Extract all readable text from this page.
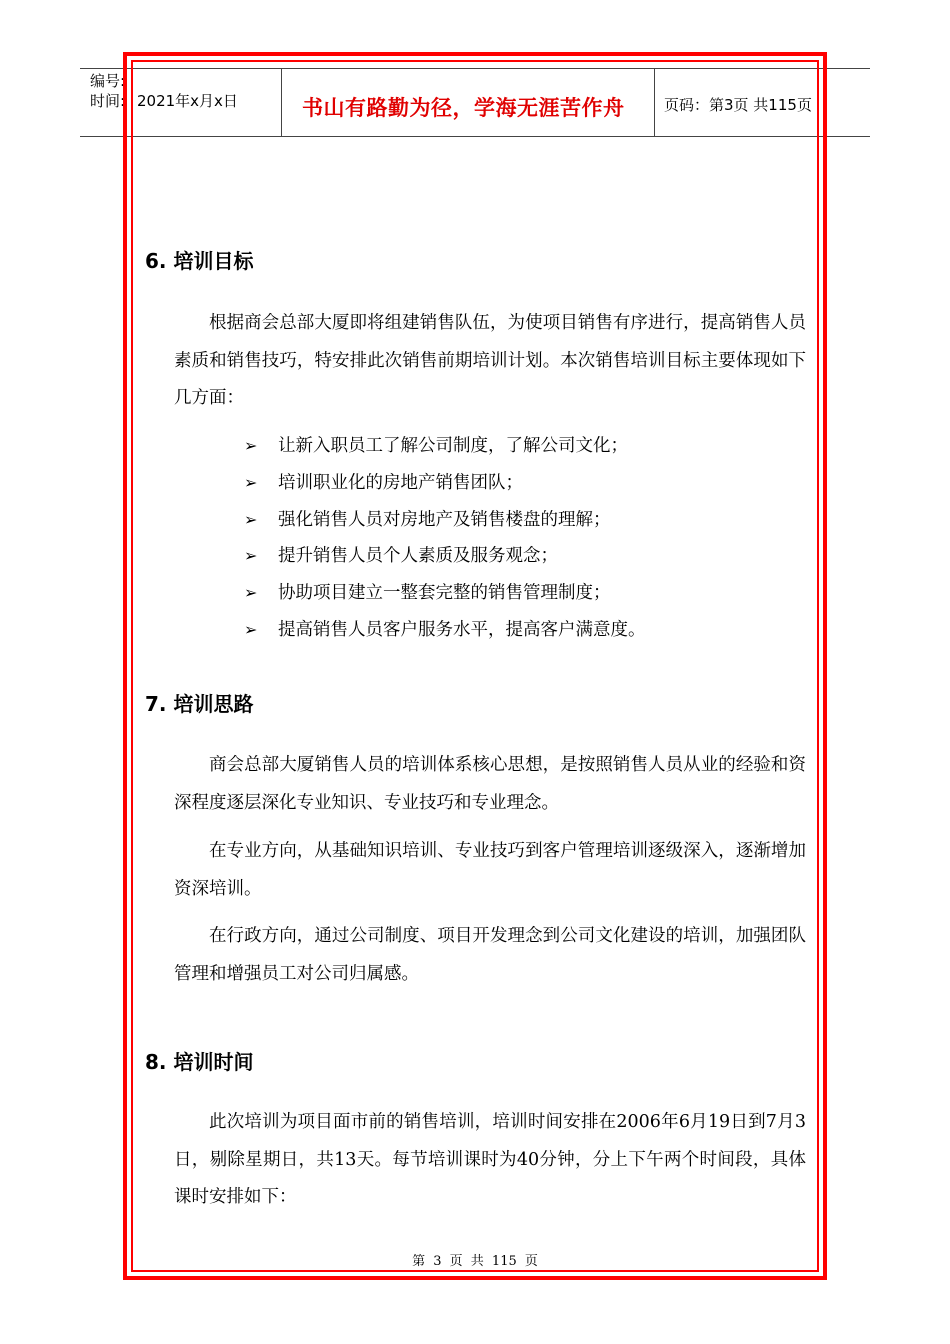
编号:
时间: 2021年x月x日	书山有路勤为径，学海无涯苦作舟	页码：第3页 共115页
6. 培训目标

根据商会总部大厦即将组建销售队伍，为使项目销售有序进行，提高销售人员素质和销售技巧，特安排此次销售前期培训计划。本次销售培训目标主要体现如下几方面：

➢ 让新入职员工了解公司制度，了解公司文化；
➢ 培训职业化的房地产销售团队；
➢ 强化销售人员对房地产及销售楼盘的理解；
➢ 提升销售人员个人素质及服务观念；
➢ 协助项目建立一整套完整的销售管理制度；
➢ 提高销售人员客户服务水平，提高客户满意度。
7. 培训思路

商会总部大厦销售人员的培训体系核心思想，是按照销售人员从业的经验和资深程度逐层深化专业知识、专业技巧和专业理念。

在专业方向，从基础知识培训、专业技巧到客户管理培训逐级深入，逐渐增加资深培训。

在行政方向，通过公司制度、项目开发理念到公司文化建设的培训，加强团队管理和增强员工对公司归属感。

8. 培训时间

此次培训为项目面市前的销售培训，培训时间安排在2006年6月19日到7月3日，剔除星期日，共13天。每节培训课时为40分钟，分上下午两个时间段，具体课时安排如下：

第 3 页 共 115 页
